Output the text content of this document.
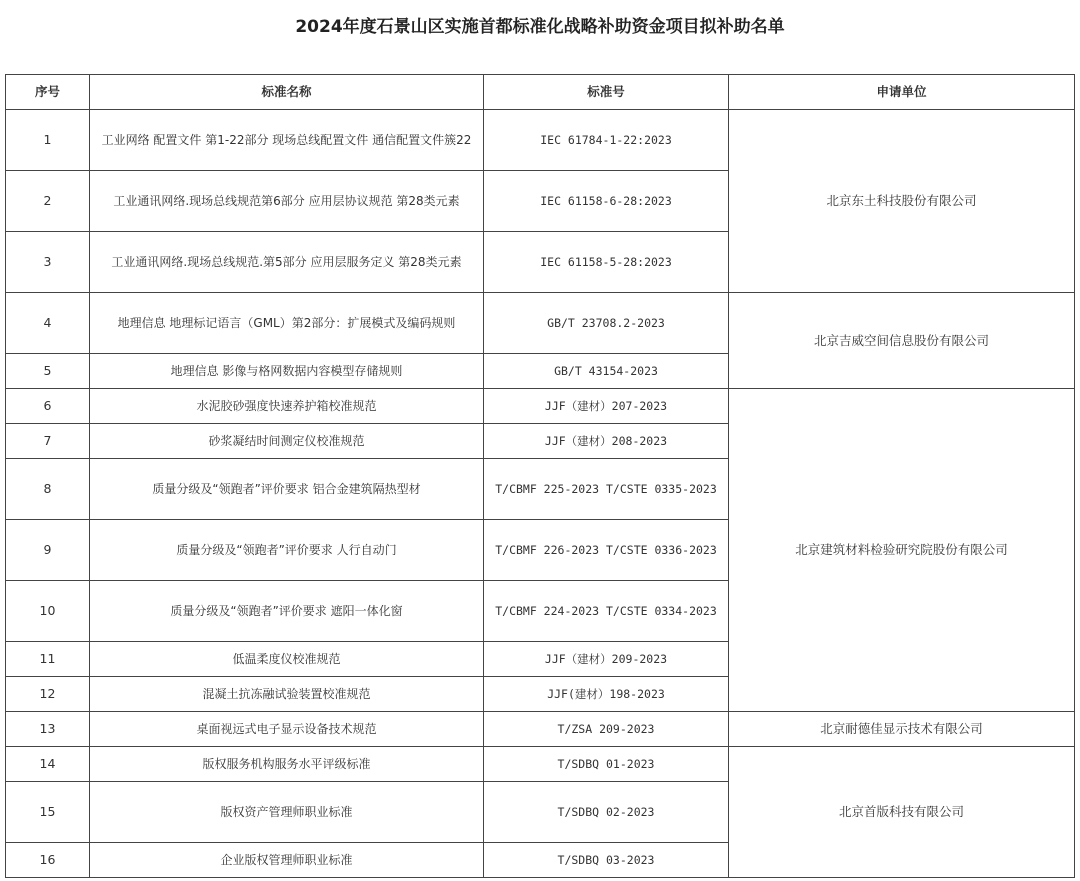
2024年度石景山区实施首都标准化战略补助资金项目拟补助名单
序号	标准名称	标准号	申请单位
1	工业网络 配置文件 第1-22部分 现场总线配置文件 通信配置文件簇22	IEC 61784-1-22:2023	北京东土科技股份有限公司
2	工业通讯网络.现场总线规范第6部分 应用层协议规范 第28类元素	IEC 61158-6-28:2023	
3	工业通讯网络.现场总线规范.第5部分 应用层服务定义 第28类元素	IEC 61158-5-28:2023	
4	地理信息 地理标记语言（GML）第2部分：扩展模式及编码规则	GB/T 23708.2-2023	北京吉威空间信息股份有限公司
5	地理信息 影像与格网数据内容模型存储规则	GB/T 43154-2023	
6	水泥胶砂强度快速养护箱校准规范	JJF（建材）207-2023	北京建筑材料检验研究院股份有限公司
7	砂浆凝结时间测定仪校准规范	JJF（建材）208-2023	
8	质量分级及“领跑者”评价要求 铝合金建筑隔热型材	T/CBMF 225-2023 T/CSTE 0335-2023	
9	质量分级及“领跑者”评价要求 人行自动门	T/CBMF 226-2023 T/CSTE 0336-2023	
10	质量分级及“领跑者”评价要求 遮阳一体化窗	T/CBMF 224-2023 T/CSTE 0334-2023	
11	低温柔度仪校准规范	JJF（建材）209-2023	
12	混凝土抗冻融试验装置校准规范	JJF(建材）198-2023	
13	桌面视远式电子显示设备技术规范	T/ZSA 209-2023	北京耐德佳显示技术有限公司
14	版权服务机构服务水平评级标准	T/SDBQ 01-2023	北京首版科技有限公司
15	版权资产管理师职业标准	T/SDBQ 02-2023	
16	企业版权管理师职业标准	T/SDBQ 03-2023	
